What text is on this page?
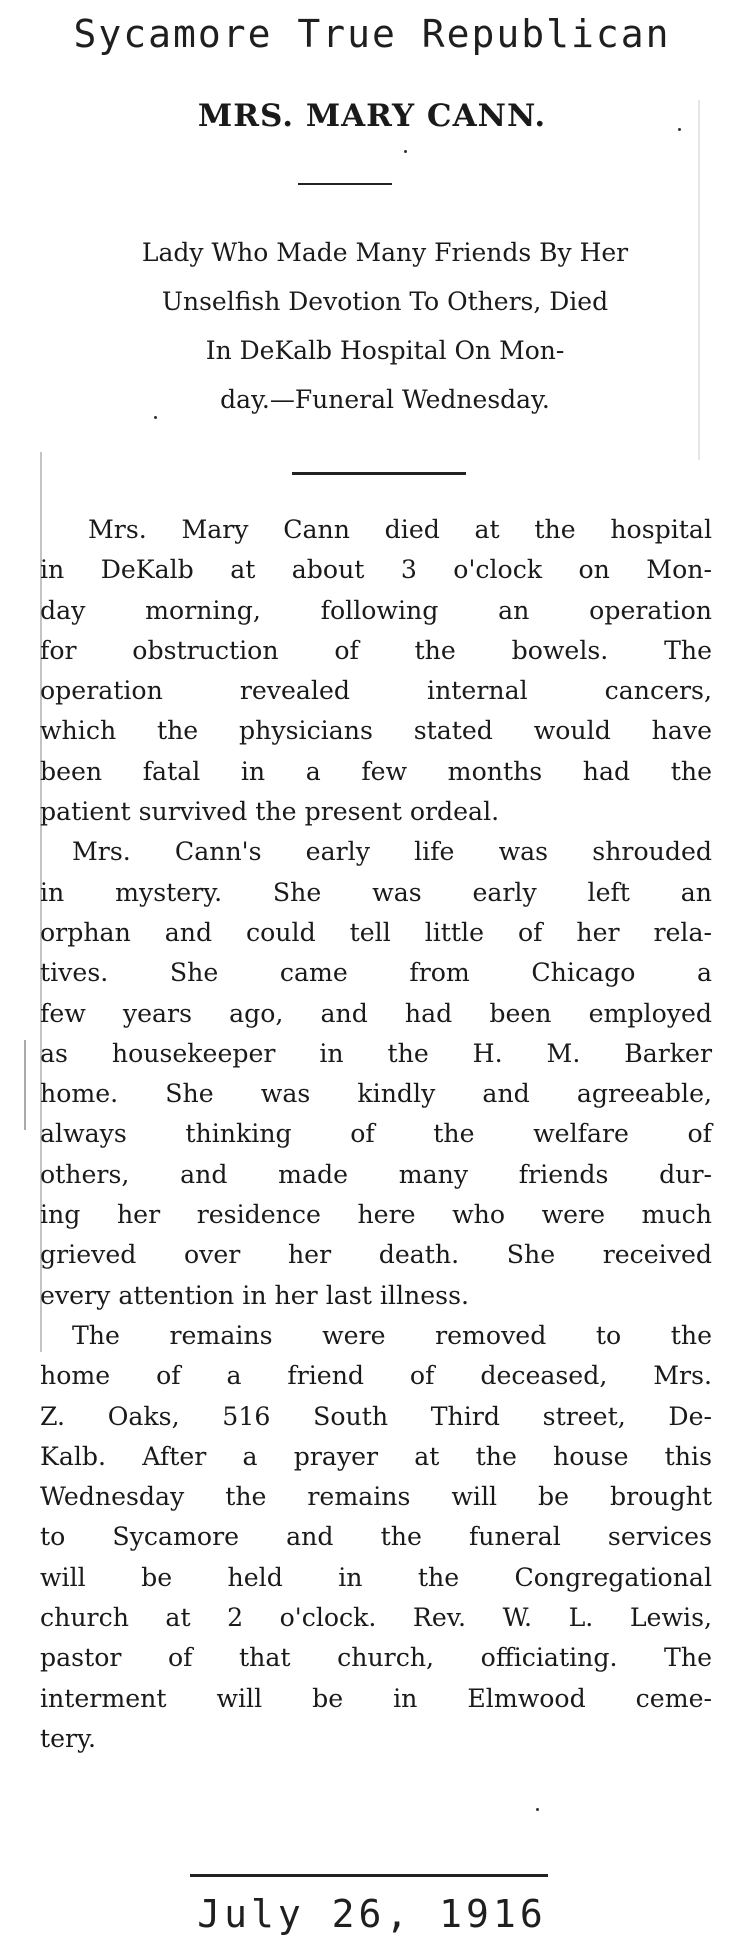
Sycamore True Republican
MRS. MARY CANN.
Lady Who Made Many Friends By Her
Unselfish Devotion To Others, Died
In DeKalb Hospital On Mon-
day.—Funeral Wednesday.
Mrs. Mary Cann died at the hospital
in DeKalb at about 3 o'clock on Mon-
day morning, following an operation
for obstruction of the bowels. The
operation revealed internal cancers,
which the physicians stated would have
been fatal in a few months had the
patient survived the present ordeal.
Mrs. Cann's early life was shrouded
in mystery. She was early left an
orphan and could tell little of her rela-
tives. She came from Chicago a
few years ago, and had been employed
as housekeeper in the H. M. Barker
home. She was kindly and agreeable,
always thinking of the welfare of
others, and made many friends dur-
ing her residence here who were much
grieved over her death. She received
every attention in her last illness.
The remains were removed to the
home of a friend of deceased, Mrs.
Z. Oaks, 516 South Third street, De-
Kalb. After a prayer at the house this
Wednesday the remains will be brought
to Sycamore and the funeral services
will be held in the Congregational
church at 2 o'clock. Rev. W. L. Lewis,
pastor of that church, officiating. The
interment will be in Elmwood ceme-
tery.
July 26, 1916
